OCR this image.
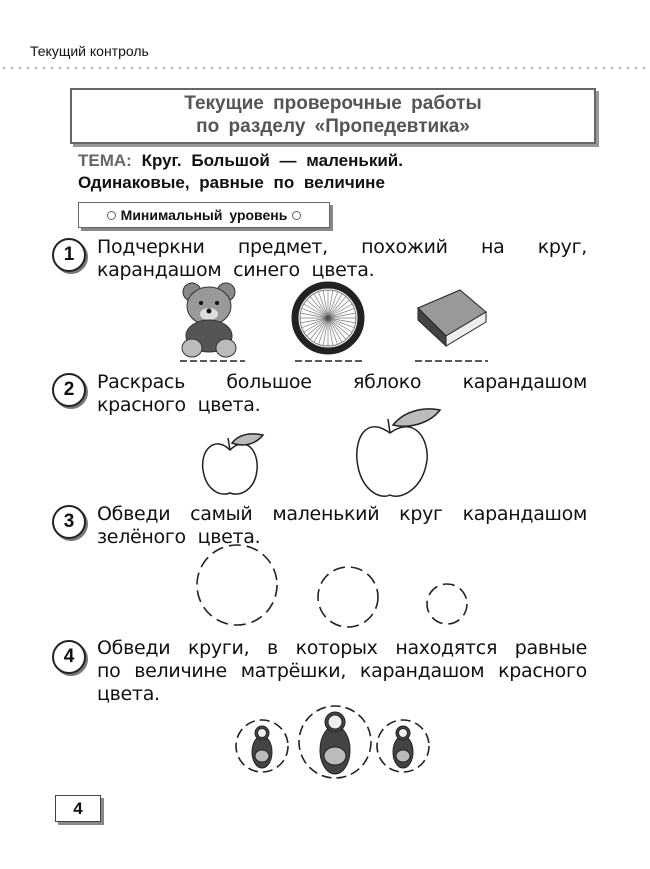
Текущий контроль
Текущие проверочные работы
по разделу «Пропедевтика»
ТЕМА: Круг. Большой — маленький.
Одинаковые, равные по величине
Минимальный уровень
1	Подчеркни предмет, похожий на круг, карандашом синего цвета.
2	Раскрась большое яблоко карандашом красного цвета.
3	Обведи самый маленький круг карандашом зелёного цвета.
4	Обведи круги, в которых находятся равные по величине матрёшки, карандашом красного цвета.
4
